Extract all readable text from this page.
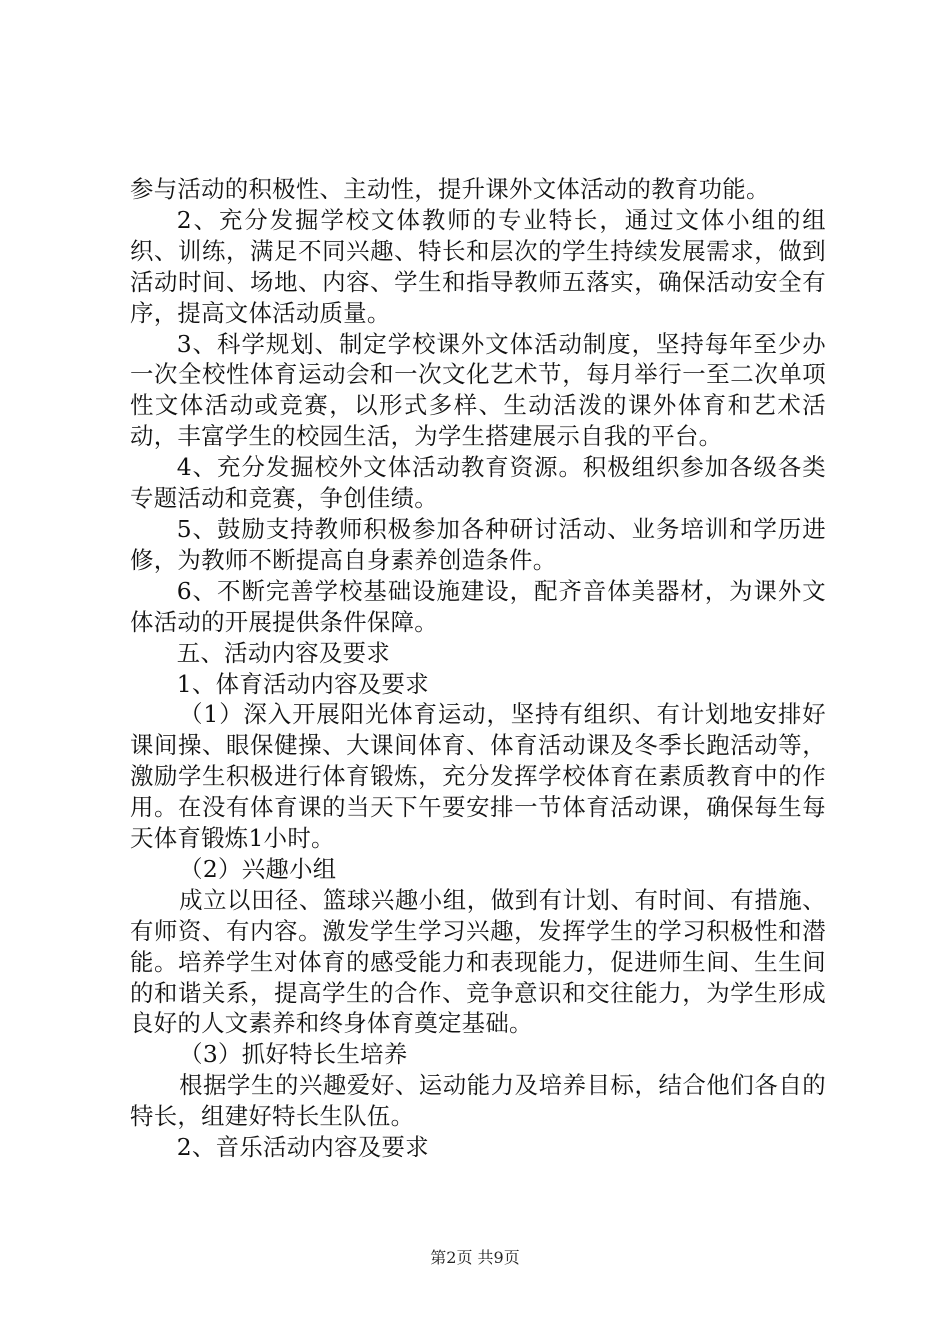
参与活动的积极性、主动性，提升课外文体活动的教育功能。

2、充分发掘学校文体教师的专业特长，通过文体小组的组织、训练，满足不同兴趣、特长和层次的学生持续发展需求，做到活动时间、场地、内容、学生和指导教师五落实，确保活动安全有序，提高文体活动质量。

3、科学规划、制定学校课外文体活动制度，坚持每年至少办一次全校性体育运动会和一次文化艺术节，每月举行一至二次单项性文体活动或竞赛，以形式多样、生动活泼的课外体育和艺术活动，丰富学生的校园生活，为学生搭建展示自我的平台。

4、充分发掘校外文体活动教育资源。积极组织参加各级各类专题活动和竞赛，争创佳绩。

5、鼓励支持教师积极参加各种研讨活动、业务培训和学历进修，为教师不断提高自身素养创造条件。

6、不断完善学校基础设施建设，配齐音体美器材，为课外文体活动的开展提供条件保障。

五、活动内容及要求

1、体育活动内容及要求

（1）深入开展阳光体育运动，坚持有组织、有计划地安排好课间操、眼保健操、大课间体育、体育活动课及冬季长跑活动等，激励学生积极进行体育锻炼，充分发挥学校体育在素质教育中的作用。在没有体育课的当天下午要安排一节体育活动课，确保每生每天体育锻炼1小时。

（2）兴趣小组

成立以田径、篮球兴趣小组，做到有计划、有时间、有措施、有师资、有内容。激发学生学习兴趣，发挥学生的学习积极性和潜能。培养学生对体育的感受能力和表现能力，促进师生间、生生间的和谐关系，提高学生的合作、竞争意识和交往能力，为学生形成良好的人文素养和终身体育奠定基础。

（3）抓好特长生培养

根据学生的兴趣爱好、运动能力及培养目标，结合他们各自的特长，组建好特长生队伍。

2、音乐活动内容及要求

第2页 共9页
